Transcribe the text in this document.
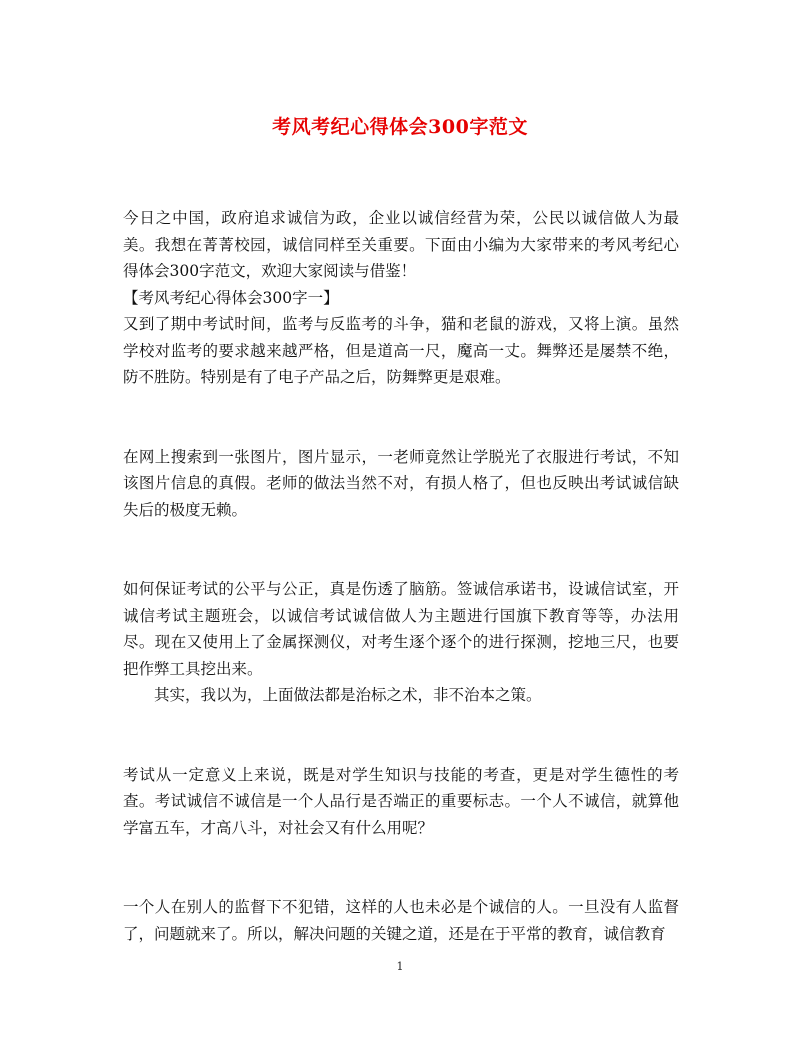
考风考纪心得体会300字范文

今日之中国，政府追求诚信为政，企业以诚信经营为荣，公民以诚信做人为最美。我想在菁菁校园，诚信同样至关重要。下面由小编为大家带来的考风考纪心得体会300字范文，欢迎大家阅读与借鉴！

【考风考纪心得体会300字一】

又到了期中考试时间，监考与反监考的斗争，猫和老鼠的游戏，又将上演。虽然学校对监考的要求越来越严格，但是道高一尺，魔高一丈。舞弊还是屡禁不绝，防不胜防。特别是有了电子产品之后，防舞弊更是艰难。

在网上搜索到一张图片，图片显示，一老师竟然让学脱光了衣服进行考试，不知该图片信息的真假。老师的做法当然不对，有损人格了，但也反映出考试诚信缺失后的极度无赖。

如何保证考试的公平与公正，真是伤透了脑筋。签诚信承诺书，设诚信试室，开诚信考试主题班会，以诚信考试诚信做人为主题进行国旗下教育等等，办法用尽。现在又使用上了金属探测仪，对考生逐个逐个的进行探测，挖地三尺，也要把作弊工具挖出来。

其实，我以为，上面做法都是治标之术，非不治本之策。

考试从一定意义上来说，既是对学生知识与技能的考查，更是对学生德性的考查。考试诚信不诚信是一个人品行是否端正的重要标志。一个人不诚信，就算他学富五车，才高八斗，对社会又有什么用呢？

一个人在别人的监督下不犯错，这样的人也未必是个诚信的人。一旦没有人监督了，问题就来了。所以，解决问题的关键之道，还是在于平常的教育，诚信教育

1
